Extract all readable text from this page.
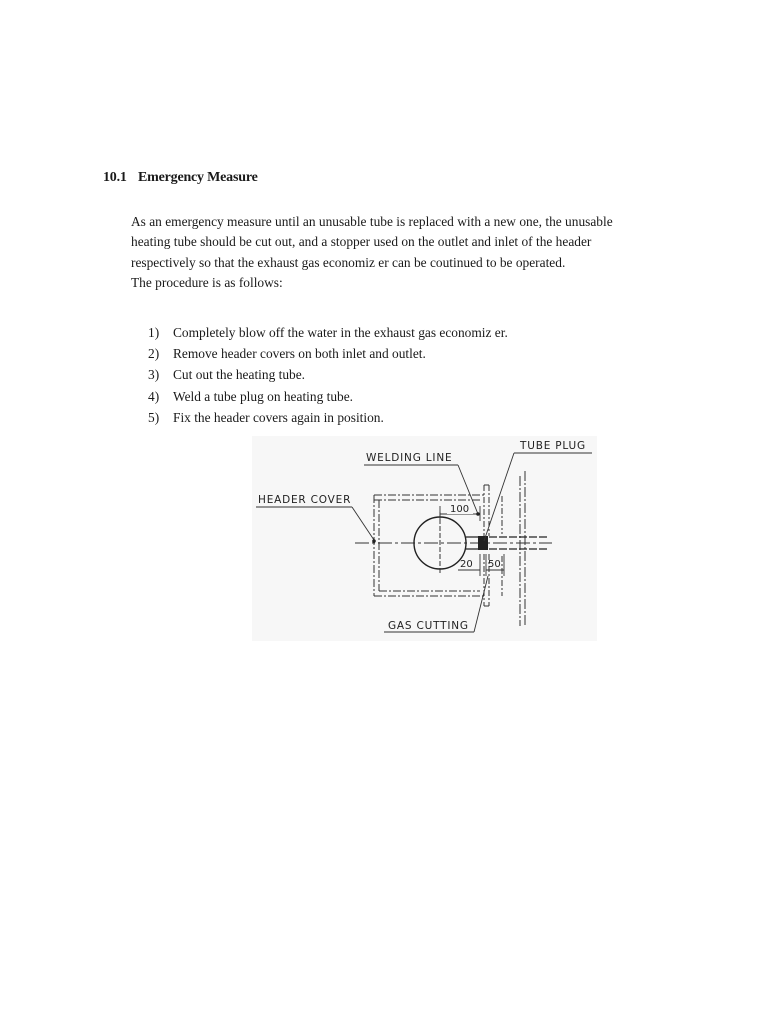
10.1 Emergency Measure
As an emergency measure until an unusable tube is replaced with a new one, the unusable
heating tube should be cut out, and a stopper used on the outlet and inlet of the header
respectively so that the exhaust gas economiz er can be coutinued to be operated.
The procedure is as follows:
1) Completely blow off the water in the exhaust gas economiz er.
2) Remove header covers on both inlet and outlet.
3) Cut out the heating tube.
4) Weld a tube plug on heating tube.
5) Fix the header covers again in position.
100
20 50
TUBE PLUG
WELDING LINE
HEADER COVER
GAS CUTTING
